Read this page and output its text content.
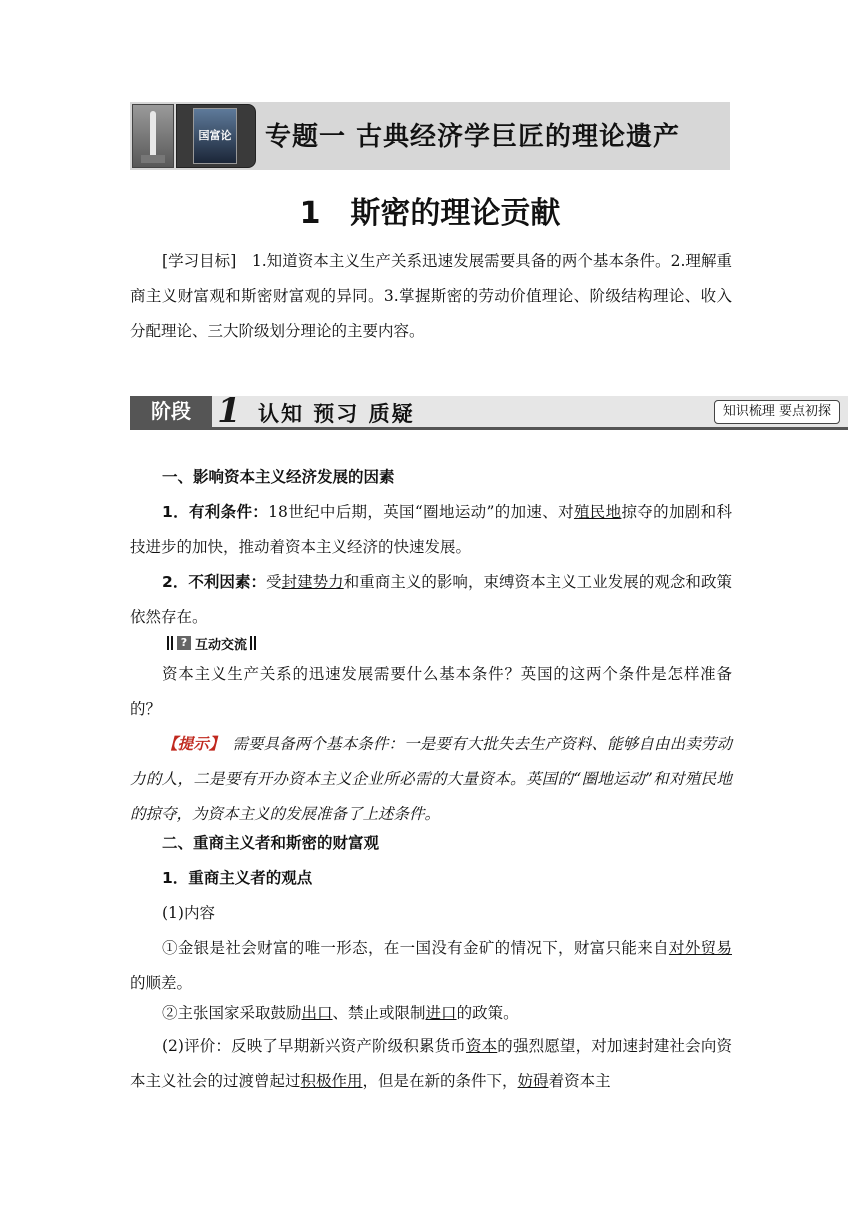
国富论 专题一 古典经济学巨匠的理论遗产
1　斯密的理论贡献

[学习目标]　 1.知道资本主义生产关系迅速发展需要具备的两个基本条件。2.理解重商主义财富观和斯密财富观的异同。3.掌握斯密的劳动价值理论、阶级结构理论、收入分配理论、三大阶级划分理论的主要内容。

阶段 1 认知 预习 质疑	知识梳理 要点初探

一、影响资本主义经济发展的因素

1．有利条件：18世纪中后期，英国“圈地运动”的加速、对殖民地掠夺的加剧和科技进步的加快，推动着资本主义经济的快速发展。

2．不利因素：受封建势力和重商主义的影响，束缚资本主义工业发展的观念和政策依然存在。

? 互动交流

资本主义生产关系的迅速发展需要什么基本条件？英国的这两个条件是怎样准备的？

【提示】　 需要具备两个基本条件：一是要有大批失去生产资料、能够自由出卖劳动力的人，二是要有开办资本主义企业所必需的大量资本。英国的“圈地运动”和对殖民地的掠夺，为资本主义的发展准备了上述条件。

二、重商主义者和斯密的财富观

1．重商主义者的观点

(1)内容

①金银是社会财富的唯一形态，在一国没有金矿的情况下，财富只能来自对外贸易的顺差。

②主张国家采取鼓励出口、禁止或限制进口的政策。

(2)评价：反映了早期新兴资产阶级积累货币资本的强烈愿望，对加速封建社会向资本主义社会的过渡曾起过积极作用，但是在新的条件下，妨碍着资本主
